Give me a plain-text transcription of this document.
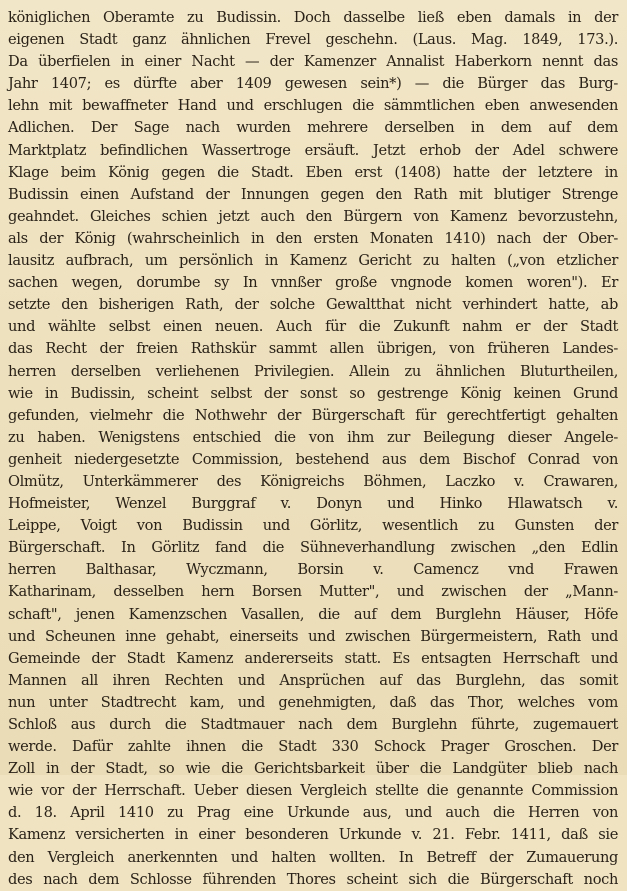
königlichen Oberamte zu Budissin. Doch dasselbe ließ eben damals in der
eigenen Stadt ganz ähnlichen Frevel geschehn. (Laus. Mag. 1849, 173.).
Da überfielen in einer Nacht — der Kamenzer Annalist Haberkorn nennt das
Jahr 1407; es dürfte aber 1409 gewesen sein*) — die Bürger das Burg-
lehn mit bewaffneter Hand und erschlugen die sämmtlichen eben anwesenden
Adlichen. Der Sage nach wurden mehrere derselben in dem auf dem
Marktplatz befindlichen Wassertroge ersäuft. Jetzt erhob der Adel schwere
Klage beim König gegen die Stadt. Eben erst (1408) hatte der letztere in
Budissin einen Aufstand der Innungen gegen den Rath mit blutiger Strenge
geahndet. Gleiches schien jetzt auch den Bürgern von Kamenz bevorzustehn,
als der König (wahrscheinlich in den ersten Monaten 1410) nach der Ober-
lausitz aufbrach, um persönlich in Kamenz Gericht zu halten („von etzlicher
sachen wegen, dorumbe sy In vnnßer großе vngnode komen woren"). Er
setzte den bisherigen Rath, der solche Gewaltthat nicht verhindert hatte, ab
und wählte selbst einen neuen. Auch für die Zukunft nahm er der Stadt
das Recht der freien Rathskür sammt allen übrigen, von früheren Landes-
herren derselben verliehenen Privilegien. Allein zu ähnlichen Bluturtheilen,
wie in Budissin, scheint selbst der sonst so gestrenge König keinen Grund
gefunden, vielmehr die Nothwehr der Bürgerschaft für gerechtfertigt gehalten
zu haben. Wenigstens entschied die von ihm zur Beilegung dieser Angele-
genheit niedergesetzte Commission, bestehend aus dem Bischof Conrad von
Olmütz, Unterkämmerer des Königreichs Böhmen, Laczko v. Crawaren,
Hofmeister, Wenzel Burggraf v. Donyn und Hinko Hlawatsch v.
Leippe, Voigt von Budissin und Görlitz, wesentlich zu Gunsten der
Bürgerschaft. In Görlitz fand die Sühneverhandlung zwischen „den Edlin
herren Balthasar, Wyczmann, Borsin v. Camencz vnd Frawen
Katharinam, desselben hern Borsen Mutter", und zwischen der „Mann-
schaft", jenen Kamenzschen Vasallen, die auf dem Burglehn Häuser, Höfe
und Scheunen inne gehabt, einerseits und zwischen Bürgermeistern, Rath und
Gemeinde der Stadt Kamenz andererseits statt. Es entsagten Herrschaft und
Mannen all ihren Rechten und Ansprüchen auf das Burglehn, das somit
nun unter Stadtrecht kam, und genehmigten, daß das Thor, welches vom
Schloß aus durch die Stadtmauer nach dem Burglehn führte, zugemauert
werde. Dafür zahlte ihnen die Stadt 330 Schock Prager Groschen. Der
Zoll in der Stadt, so wie die Gerichtsbarkeit über die Landgüter blieb nach
wie vor der Herrschaft. Ueber diesen Vergleich stellte die genannte Commission
d. 18. April 1410 zu Prag eine Urkunde aus, und auch die Herren von
Kamenz versicherten in einer besonderen Urkunde v. 21. Febr. 1411, daß sie
den Vergleich anerkennten und halten wollten. In Betreff der Zumauerung
des nach dem Schlosse führenden Thores scheint sich die Bürgerschaft noch
